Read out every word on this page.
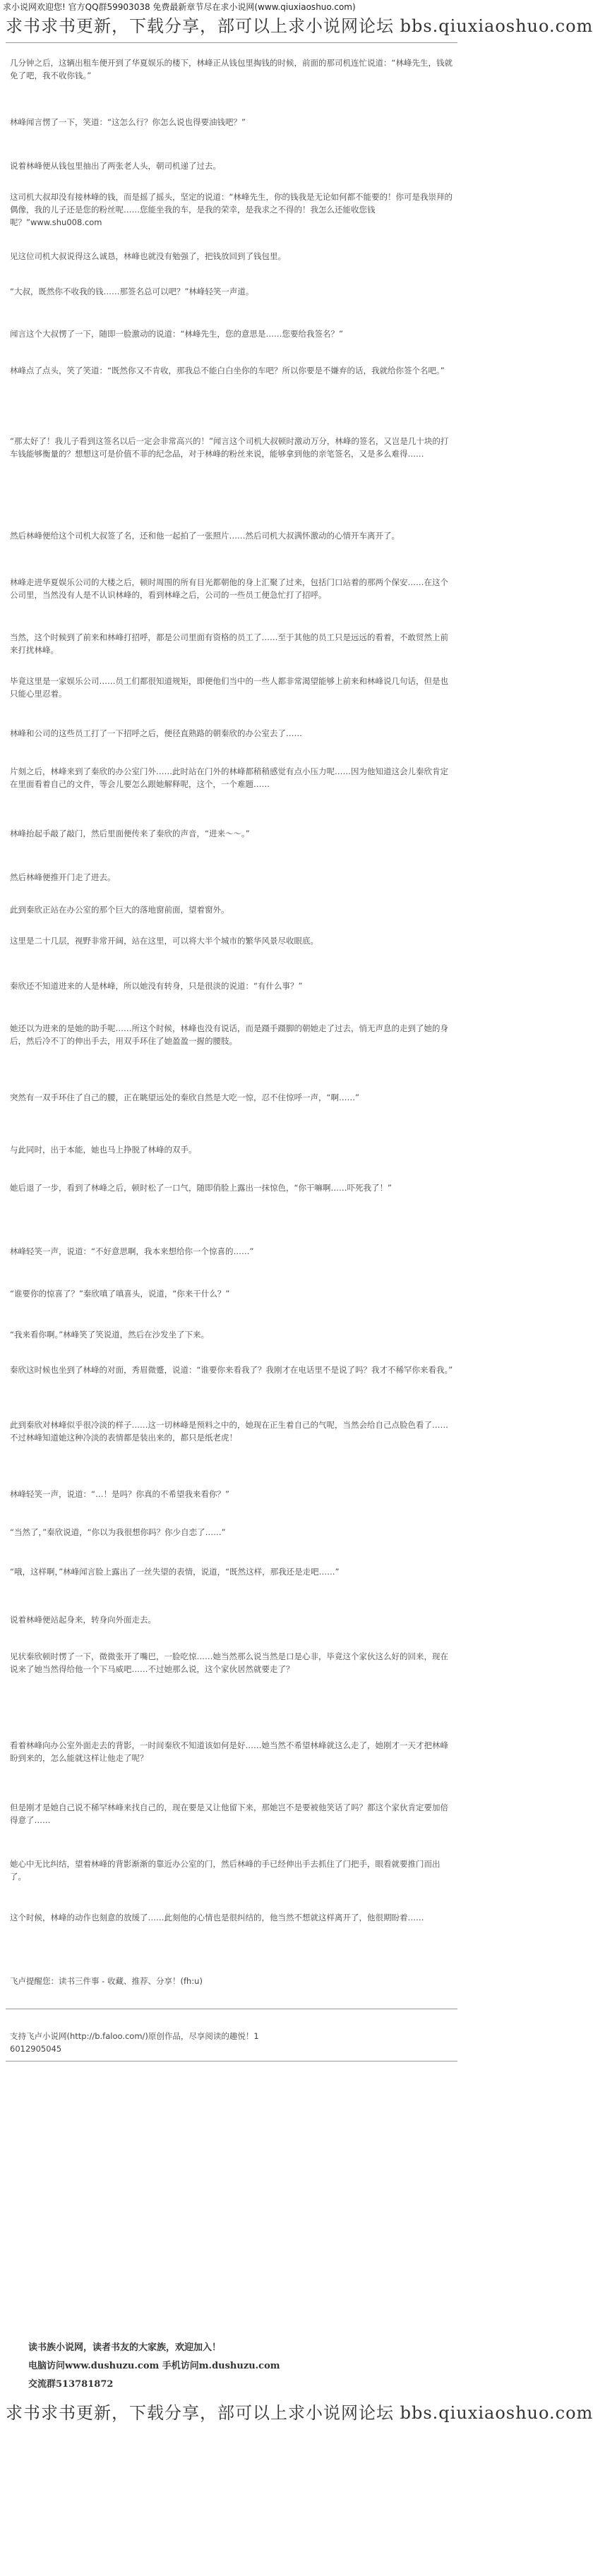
求小说网欢迎您! 官方QQ群59903038 免费最新章节尽在求小说网(www.qiuxiaoshuo.com)
求书求书更新，下载分享，部可以上求小说网论坛 bbs.qiuxiaoshuo.com
几分钟之后，这辆出租车便开到了华夏娱乐的楼下，林峰正从钱包里掏钱的时候，前面的那司机连忙说道：“林峰先生，钱就免了吧，我不收你钱。”
林峰闻言愣了一下，笑道：“这怎么行？你怎么说也得要油钱吧？”
说着林峰便从钱包里抽出了两张老人头，朝司机递了过去。
这司机大叔却没有接林峰的钱，而是摇了摇头，坚定的说道：“林峰先生，你的钱我是无论如何都不能要的！你可是我崇拜的偶像，我的儿子还是您的粉丝呢……您能坐我的车，是我的荣幸，是我求之不得的！我怎么还能收您钱呢？”www.shu008.com
见这位司机大叔说得这么诚恳，林峰也就没有勉强了，把钱放回到了钱包里。
“大叔，既然你不收我的钱……那签名总可以吧？”林峰轻笑一声道。
闻言这个大叔愣了一下，随即一脸激动的说道：“林峰先生，您的意思是……您要给我签名？”
林峰点了点头，笑了笑道：“既然你又不肯收，那我总不能白白坐你的车吧？所以你要是不嫌弃的话，我就给你签个名吧。”
“那太好了！我儿子看到这签名以后一定会非常高兴的！”闻言这个司机大叔顿时激动万分，林峰的签名，又岂是几十块的打车钱能够衡量的？想想这可是价值不菲的纪念品，对于林峰的粉丝来说，能够拿到他的亲笔签名，又是多么难得……
然后林峰便给这个司机大叔签了名，还和他一起拍了一张照片……然后司机大叔满怀激动的心情开车离开了。
林峰走进华夏娱乐公司的大楼之后，顿时周围的所有目光都朝他的身上汇聚了过来，包括门口站着的那两个保安……在这个公司里，当然没有人是不认识林峰的，看到林峰之后，公司的一些员工便急忙打了招呼。
当然，这个时候到了前来和林峰打招呼，都是公司里面有资格的员工了……至于其他的员工只是远远的看着，不敢贸然上前来打扰林峰。
毕竟这里是一家娱乐公司……员工们都很知道规矩，即便他们当中的一些人都非常渴望能够上前来和林峰说几句话，但是也只能心里忍着。
林峰和公司的这些员工打了一下招呼之后，便径直熟路的朝秦欣的办公室去了……
片刻之后，林峰来到了秦欣的办公室门外……此时站在门外的林峰都稍稍感觉有点小压力呢……因为他知道这会儿秦欣肯定在里面看着自己的文件，等会儿要怎么跟她解释呢，这个，一个难题……
林峰抬起手敲了敲门，然后里面便传来了秦欣的声音，“进来～～。”
然后林峰便推开门走了进去。
此到秦欣正站在办公室的那个巨大的落地窗前面，望着窗外。
这里是二十几层，视野非常开阔，站在这里，可以将大半个城市的繁华风景尽收眼底。
秦欣还不知道进来的人是林峰，所以她没有转身，只是很淡的说道：“有什么事？”
她还以为进来的是她的助手呢……所这个时候，林峰也没有说话，而是蹑手蹑脚的朝她走了过去，悄无声息的走到了她的身后，然后冷不丁的伸出手去，用双手环住了她盈盈一握的腰肢。
突然有一双手环住了自己的腰，正在眺望远处的秦欣自然是大吃一惊，忍不住惊呼一声，“啊……”
与此同时，出于本能，她也马上挣脱了林峰的双手。
她后退了一步，看到了林峰之后，顿时松了一口气，随即俏脸上露出一抹惊色，“你干嘛啊……吓死我了！”
林峰轻笑一声，说道：“不好意思啊，我本来想给你一个惊喜的……”
“谁要你的惊喜了？”秦欣嗔了嗔喜头，说道，“你来干什么？”
“我来看你啊。”林峰笑了笑说道，然后在沙发坐了下来。
秦欣这时候也坐到了林峰的对面，秀眉微蹙，说道：“谁要你来看我了？我刚才在电话里不是说了吗？我才不稀罕你来看我。”
此到秦欣对林峰似乎很冷淡的样子……这一切林峰是预料之中的，她现在正生着自己的气呢，当然会给自己点脸色看了……不过林峰知道她这种冷淡的表情都是装出来的，都只是纸老虎！
林峰轻笑一声，说道：“…！是吗？你真的不希望我来看你？”
“当然了，”秦欣说道，“你以为我很想你吗？你少自恋了……”
“哦，这样啊，”林峰闻言脸上露出了一丝失望的表情，说道，“既然这样，那我还是走吧……”
说着林峰便站起身来，转身向外面走去。
见状秦欣顿时愣了一下，微微张开了嘴巴，一脸吃惊……她当然那么说当然是口是心非，毕竟这个家伙这么好的回来，现在说来了她当然得给他一个下马威吧……不过她那么说，这个家伙居然就要走了？
看着林峰向办公室外面走去的背影，一时间秦欣不知道该如何是好……她当然不希望林峰就这么走了，她刚才一天才把林峰盼到来的，怎么能就这样让他走了呢？
但是刚才是她自己说不稀罕林峰来找自己的，现在要是又让他留下来，那她岂不是要被他笑话了吗？都这个家伙肯定要加倍得意了……
她心中无比纠结，望着林峰的背影渐渐的靠近办公室的门，然后林峰的手已经伸出手去抓住了门把手，眼看就要推门而出了。
这个时候，林峰的动作也刻意的放缓了……此刻他的心情也是很纠结的，他当然不想就这样离开了，他很期盼着……
飞卢提醒您：读书三件事 - 收藏、推荐、分享！(fh:u)
支持飞卢小说网(http://b.faloo.com/)原创作品，尽享阅读的趣悦！1
6012905045
读书族小说网，读者书友的大家族，欢迎加入！
电脑访问www.dushuzu.com 手机访问m.dushuzu.com
交流群513781872
求书求书更新，下载分享，部可以上求小说网论坛 bbs.qiuxiaoshuo.com
